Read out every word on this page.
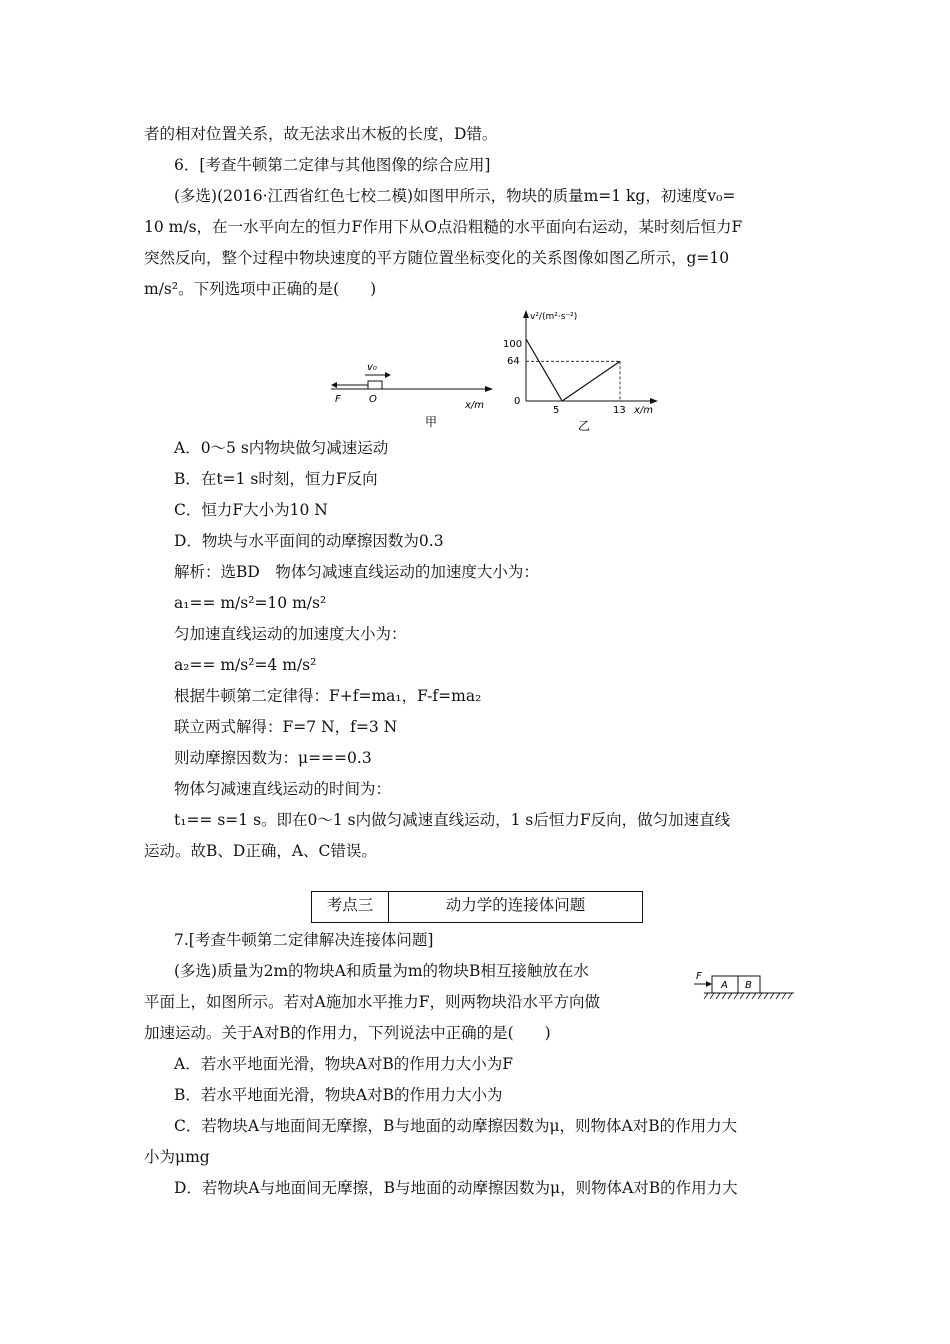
者的相对位置关系，故无法求出木板的长度，D错。
6．[考查牛顿第二定律与其他图像的综合应用]
(多选)(2016·江西省红色七校二模)如图甲所示，物块的质量m=1 kg，初速度v₀=
10 m/s，在一水平向左的恒力F作用下从O点沿粗糙的水平面向右运动，某时刻后恒力F
突然反向，整个过程中物块速度的平方随位置坐标变化的关系图像如图乙所示，g=10
m/s²。下列选项中正确的是(　　)
F
v₀
O
x/m
甲
v²/(m²·s⁻²)
100
64
0
5	13 x/m
乙
A．0～5 s内物块做匀减速运动
B．在t=1 s时刻，恒力F反向
C．恒力F大小为10 N
D．物块与水平面间的动摩擦因数为0.3
解析：选BD　物体匀减速直线运动的加速度大小为：
a₁== m/s²=10 m/s²
匀加速直线运动的加速度大小为：
a₂== m/s²=4 m/s²
根据牛顿第二定律得：F+f=ma₁，F-f=ma₂
联立两式解得：F=7 N，f=3 N
则动摩擦因数为：μ===0.3
物体匀减速直线运动的时间为：
t₁== s=1 s。即在0～1 s内做匀减速直线运动，1 s后恒力F反向，做匀加速直线
运动。故B、D正确，A、C错误。
考点三	动力学的连接体问题
7.[考查牛顿第二定律解决连接体问题]
(多选)质量为2m的物块A和质量为m的物块B相互接触放在水
平面上，如图所示。若对A施加水平推力F，则两物块沿水平方向做
加速运动。关于A对B的作用力，下列说法中正确的是(　　)
F
A B
A．若水平地面光滑，物块A对B的作用力大小为F
B．若水平地面光滑，物块A对B的作用力大小为
C．若物块A与地面间无摩擦，B与地面的动摩擦因数为μ，则物体A对B的作用力大
小为μmg
D．若物块A与地面间无摩擦，B与地面的动摩擦因数为μ，则物体A对B的作用力大
